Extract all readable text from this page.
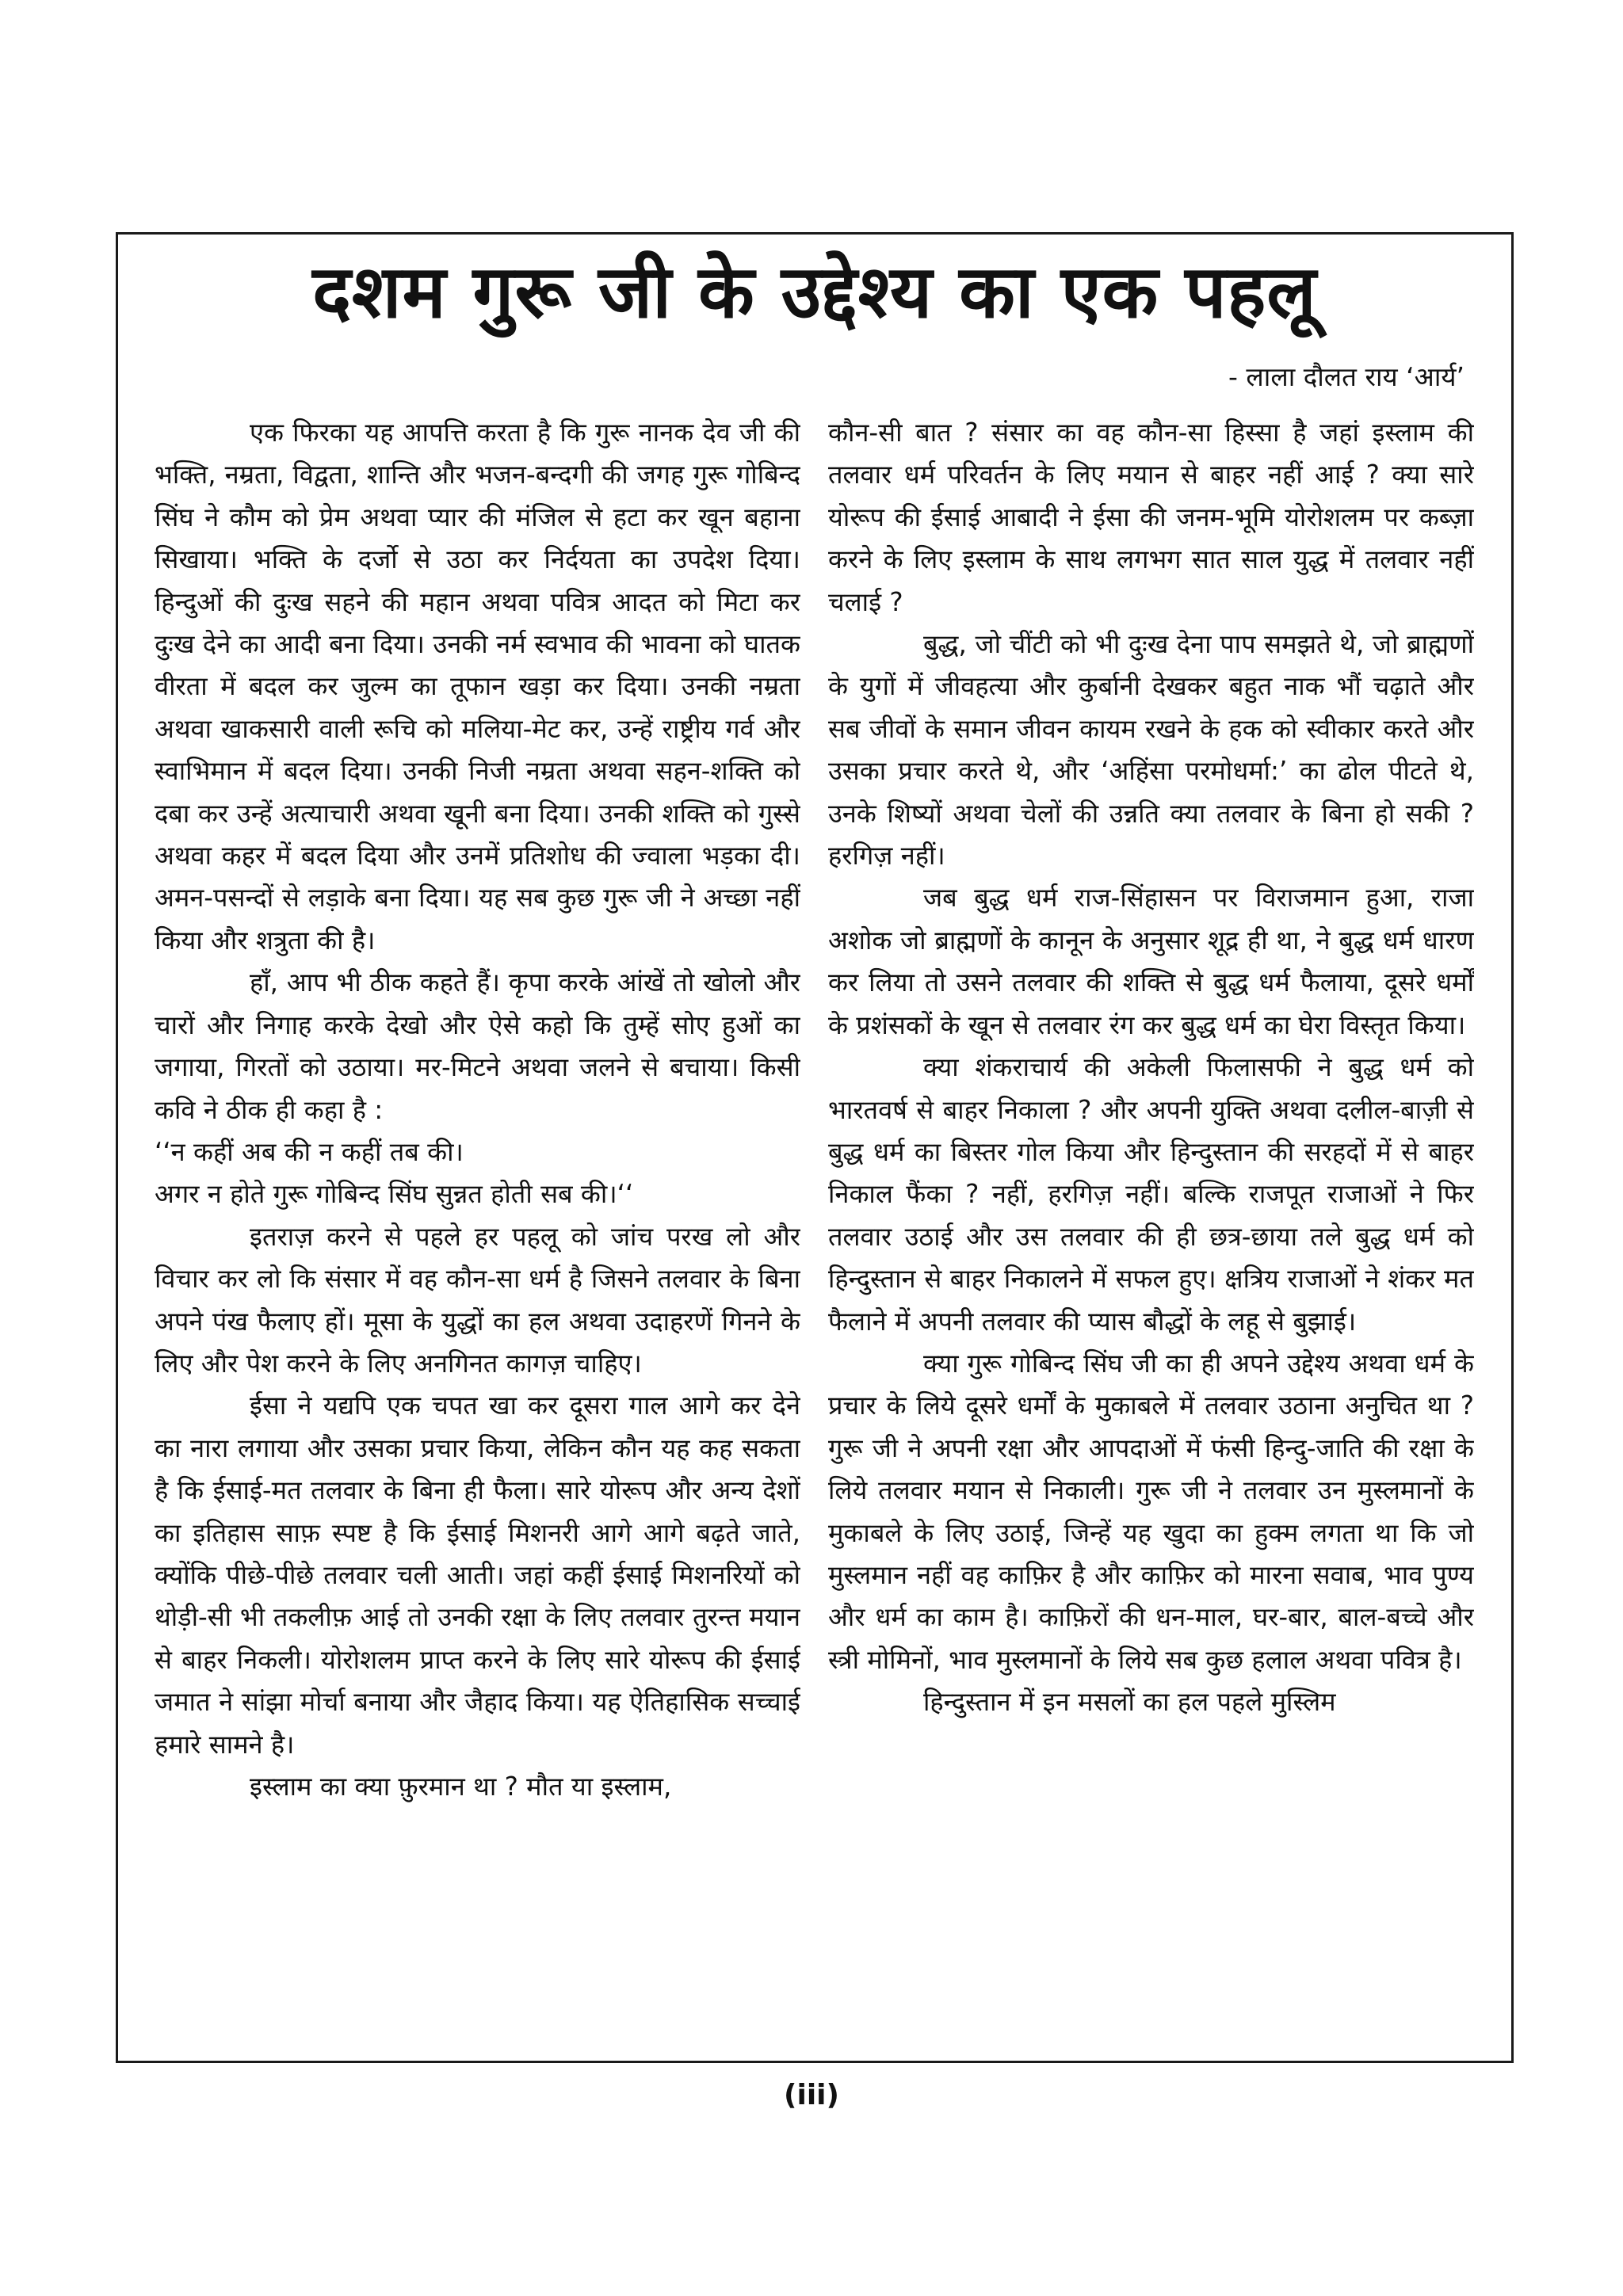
दशम गुरू जी के उद्देश्य का एक पहलू

- लाला दौलत राय ‘आर्य’

एक फिरका यह आपत्ति करता है कि गुरू नानक देव जी की भक्ति, नम्रता, विद्वता, शान्ति और भजन-बन्दगी की जगह गुरू गोबिन्द सिंघ ने कौम को प्रेम अथवा प्यार की मंजिल से हटा कर खून बहाना सिखाया। भक्ति के दर्जो से उठा कर निर्दयता का उपदेश दिया। हिन्दुओं की दुःख सहने की महान अथवा पवित्र आदत को मिटा कर दुःख देने का आदी बना दिया। उनकी नर्म स्वभाव की भावना को घातक वीरता में बदल कर जुल्म का तूफान खड़ा कर दिया। उनकी नम्रता अथवा खाकसारी वाली रूचि को मलिया-मेट कर, उन्हें राष्ट्रीय गर्व और स्वाभिमान में बदल दिया। उनकी निजी नम्रता अथवा सहन-शक्ति को दबा कर उन्हें अत्याचारी अथवा खूनी बना दिया। उनकी शक्ति को गुस्से अथवा कहर में बदल दिया और उनमें प्रतिशोध की ज्वाला भड़का दी। अमन-पसन्दों से लड़ाके बना दिया। यह सब कुछ गुरू जी ने अच्छा नहीं किया और शत्रुता की है।

हाँ, आप भी ठीक कहते हैं। कृपा करके आंखें तो खोलो और चारों और निगाह करके देखो और ऐसे कहो कि तुम्हें सोए हुओं का जगाया, गिरतों को उठाया। मर-मिटने अथवा जलने से बचाया। किसी कवि ने ठीक ही कहा है :

‘‘न कहीं अब की न कहीं तब की।

अगर न होते गुरू गोबिन्द सिंघ सुन्नत होती सब की।‘‘

इतराज़ करने से पहले हर पहलू को जांच परख लो और विचार कर लो कि संसार में वह कौन-सा धर्म है जिसने तलवार के बिना अपने पंख फैलाए हों। मूसा के युद्धों का हल अथवा उदाहरणें गिनने के लिए और पेश करने के लिए अनगिनत कागज़ चाहिए।

ईसा ने यद्यपि एक चपत खा कर दूसरा गाल आगे कर देने का नारा लगाया और उसका प्रचार किया, लेकिन कौन यह कह सकता है कि ईसाई-मत तलवार के बिना ही फैला। सारे योरूप और अन्य देशों का इतिहास साफ़ स्पष्ट है कि ईसाई मिशनरी आगे आगे बढ़ते जाते, क्योंकि पीछे-पीछे तलवार चली आती। जहां कहीं ईसाई मिशनरियों को थोड़ी-सी भी तकलीफ़ आई तो उनकी रक्षा के लिए तलवार तुरन्त मयान से बाहर निकली। योरोशलम प्राप्त करने के लिए सारे योरूप की ईसाई जमात ने सांझा मोर्चा बनाया और जैहाद किया। यह ऐतिहासिक सच्चाई हमारे सामने है।

इस्लाम का क्या फ़ुरमान था ? मौत या इस्लाम,

कौन-सी बात ? संसार का वह कौन-सा हिस्सा है जहां इस्लाम की तलवार धर्म परिवर्तन के लिए मयान से बाहर नहीं आई ? क्या सारे योरूप की ईसाई आबादी ने ईसा की जनम-भूमि योरोशलम पर कब्ज़ा करने के लिए इस्लाम के साथ लगभग सात साल युद्ध में तलवार नहीं चलाई ?

बुद्ध, जो चींटी को भी दुःख देना पाप समझते थे, जो ब्राह्मणों के युगों में जीवहत्या और कुर्बानी देखकर बहुत नाक भौं चढ़ाते और सब जीवों के समान जीवन कायम रखने के हक को स्वीकार करते और उसका प्रचार करते थे, और ‘अहिंसा परमोधर्मा:’ का ढोल पीटते थे, उनके शिष्यों अथवा चेलों की उन्नति क्या तलवार के बिना हो सकी ? हरगिज़ नहीं।

जब बुद्ध धर्म राज-सिंहासन पर विराजमान हुआ, राजा अशोक जो ब्राह्मणों के कानून के अनुसार शूद्र ही था, ने बुद्ध धर्म धारण कर लिया तो उसने तलवार की शक्ति से बुद्ध धर्म फैलाया, दूसरे धर्मों के प्रशंसकों के खून से तलवार रंग कर बुद्ध धर्म का घेरा विस्तृत किया।

क्या शंकराचार्य की अकेली फिलासफी ने बुद्ध धर्म को भारतवर्ष से बाहर निकाला ? और अपनी युक्ति अथवा दलील-बाज़ी से बुद्ध धर्म का बिस्तर गोल किया और हिन्दुस्तान की सरहदों में से बाहर निकाल फैंका ? नहीं, हरगिज़ नहीं। बल्कि राजपूत राजाओं ने फिर तलवार उठाई और उस तलवार की ही छत्र-छाया तले बुद्ध धर्म को हिन्दुस्तान से बाहर निकालने में सफल हुए। क्षत्रिय राजाओं ने शंकर मत फैलाने में अपनी तलवार की प्यास बौद्धों के लहू से बुझाई।

क्या गुरू गोबिन्द सिंघ जी का ही अपने उद्देश्य अथवा धर्म के प्रचार के लिये दूसरे धर्मों के मुकाबले में तलवार उठाना अनुचित था ? गुरू जी ने अपनी रक्षा और आपदाओं में फंसी हिन्दु-जाति की रक्षा के लिये तलवार मयान से निकाली। गुरू जी ने तलवार उन मुस्लमानों के मुकाबले के लिए उठाई, जिन्हें यह खुदा का हुक्म लगता था कि जो मुस्लमान नहीं वह काफ़िर है और काफ़िर को मारना सवाब, भाव पुण्य और धर्म का काम है। काफ़िरों की धन-माल, घर-बार, बाल-बच्चे और स्त्री मोमिनों, भाव मुस्लमानों के लिये सब कुछ हलाल अथवा पवित्र है।

हिन्दुस्तान में इन मसलों का हल पहले मुस्लिम

(iii)
